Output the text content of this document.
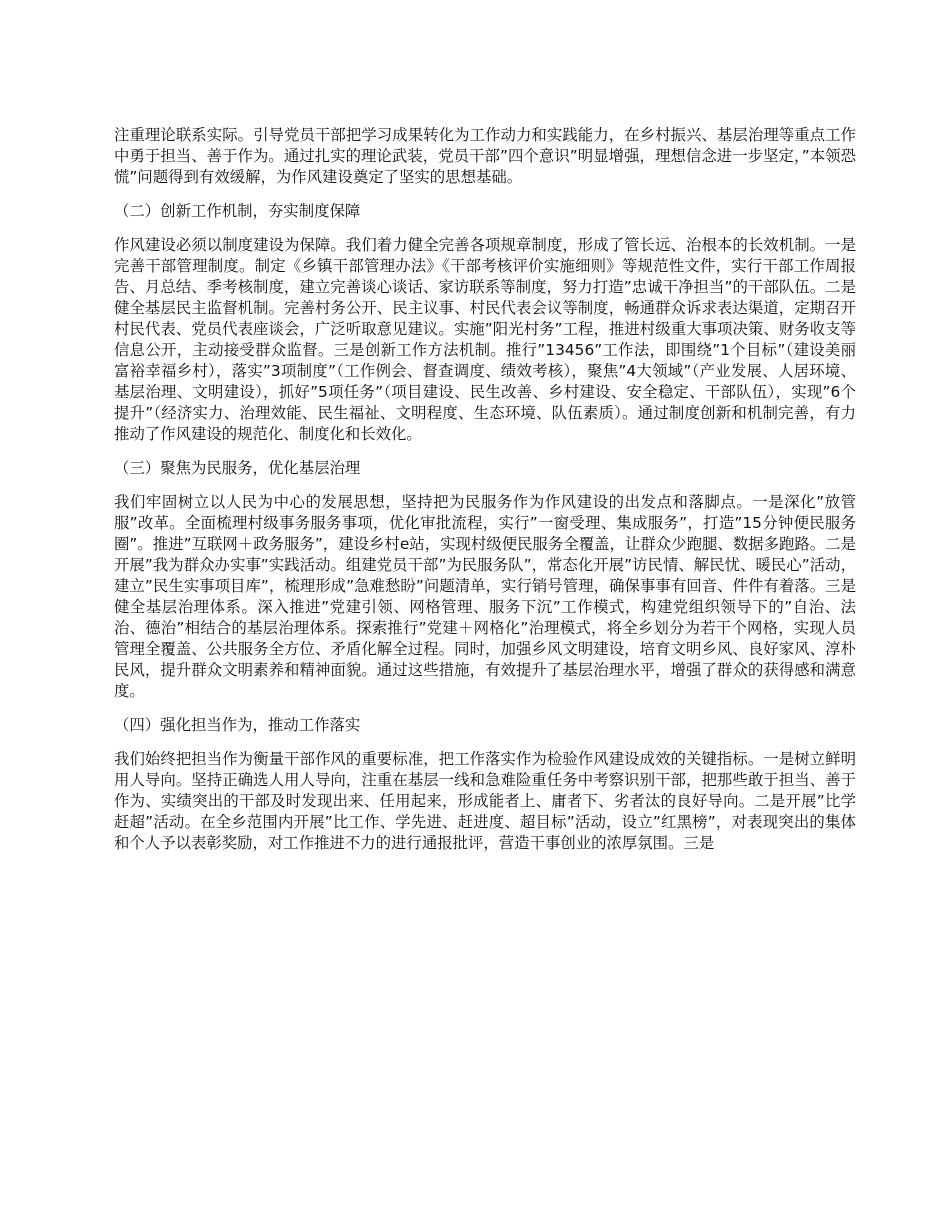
注重理论联系实际。引导党员干部把学习成果转化为工作动力和实践能力，在乡村振兴、基层治理等重点工作中勇于担当、善于作为。通过扎实的理论武装，党员干部”四个意识”明显增强，理想信念进一步坚定，”本领恐慌”问题得到有效缓解，为作风建设奠定了坚实的思想基础。

（二）创新工作机制，夯实制度保障

作风建设必须以制度建设为保障。我们着力健全完善各项规章制度，形成了管长远、治根本的长效机制。一是完善干部管理制度。制定《乡镇干部管理办法》《干部考核评价实施细则》等规范性文件，实行干部工作周报告、月总结、季考核制度，建立完善谈心谈话、家访联系等制度，努力打造”忠诚干净担当”的干部队伍。二是健全基层民主监督机制。完善村务公开、民主议事、村民代表会议等制度，畅通群众诉求表达渠道，定期召开村民代表、党员代表座谈会，广泛听取意见建议。实施”阳光村务”工程，推进村级重大事项决策、财务收支等信息公开，主动接受群众监督。三是创新工作方法机制。推行”13456”工作法，即围绕”1个目标”（建设美丽富裕幸福乡村），落实”3项制度”（工作例会、督查调度、绩效考核），聚焦”4大领域”（产业发展、人居环境、基层治理、文明建设），抓好”5项任务”（项目建设、民生改善、乡村建设、安全稳定、干部队伍），实现”6个提升”（经济实力、治理效能、民生福祉、文明程度、生态环境、队伍素质）。通过制度创新和机制完善，有力推动了作风建设的规范化、制度化和长效化。

（三）聚焦为民服务，优化基层治理

我们牢固树立以人民为中心的发展思想，坚持把为民服务作为作风建设的出发点和落脚点。一是深化”放管服”改革。全面梳理村级事务服务事项，优化审批流程，实行”一窗受理、集成服务”，打造”15分钟便民服务圈”。推进”互联网＋政务服务”，建设乡村e站，实现村级便民服务全覆盖，让群众少跑腿、数据多跑路。二是开展”我为群众办实事”实践活动。组建党员干部”为民服务队”，常态化开展”访民情、解民忧、暖民心”活动，建立”民生实事项目库”，梳理形成”急难愁盼”问题清单，实行销号管理，确保事事有回音、件件有着落。三是健全基层治理体系。深入推进”党建引领、网格管理、服务下沉”工作模式，构建党组织领导下的”自治、法治、德治”相结合的基层治理体系。探索推行”党建＋网格化”治理模式，将全乡划分为若干个网格，实现人员管理全覆盖、公共服务全方位、矛盾化解全过程。同时，加强乡风文明建设，培育文明乡风、良好家风、淳朴民风，提升群众文明素养和精神面貌。通过这些措施，有效提升了基层治理水平，增强了群众的获得感和满意度。

（四）强化担当作为，推动工作落实

我们始终把担当作为衡量干部作风的重要标准，把工作落实作为检验作风建设成效的关键指标。一是树立鲜明用人导向。坚持正确选人用人导向，注重在基层一线和急难险重任务中考察识别干部，把那些敢于担当、善于作为、实绩突出的干部及时发现出来、任用起来，形成能者上、庸者下、劣者汰的良好导向。二是开展”比学赶超”活动。在全乡范围内开展”比工作、学先进、赶进度、超目标”活动，设立”红黑榜”，对表现突出的集体和个人予以表彰奖励，对工作推进不力的进行通报批评，营造干事创业的浓厚氛围。三是
